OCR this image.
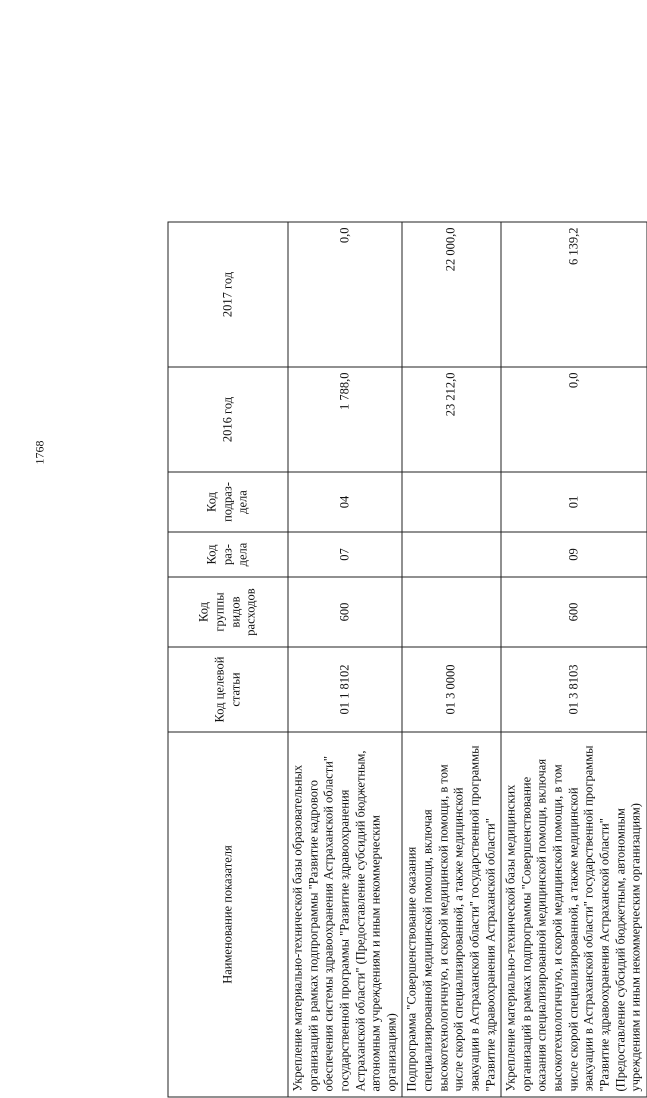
1768
Наименование показателя	Код целевой статьи	Код группы видов расходов	Код раз-дела	Код подраз-дела	2016 год	2017 год
Укрепление материально-технической базы образовательных организаций в рамках подпрограммы "Развитие кадрового обеспечения системы здравоохранения Астраханской области" государственной программы "Развитие здравоохранения Астраханской области" (Предоставление субсидий бюджетным, автономным учреждениям и иным некоммерческим организациям)	01 1 8102	600	07	04	1 788,0	0,0
Подпрограмма "Совершенствование оказания специализированной медицинской помощи, включая высокотехнологичную, и скорой медицинской помощи, в том числе скорой специализированной, а также медицинской эвакуации в Астраханской области" государственной программы "Развитие здравоохранения Астраханской области"	01 3 0000				23 212,0	22 000,0
Укрепление материально-технической базы медицинских организаций в рамках подпрограммы "Совершенствование оказания специализированной медицинской помощи, включая высокотехнологичную, и скорой медицинской помощи, в том числе скорой специализированной, а также медицинской эвакуации в Астраханской области" государственной программы "Развитие здравоохранения Астраханской области" (Предоставление субсидий бюджетным, автономным учреждениям и иным некоммерческим организациям)	01 3 8103	600	09	01	0,0	6 139,2
